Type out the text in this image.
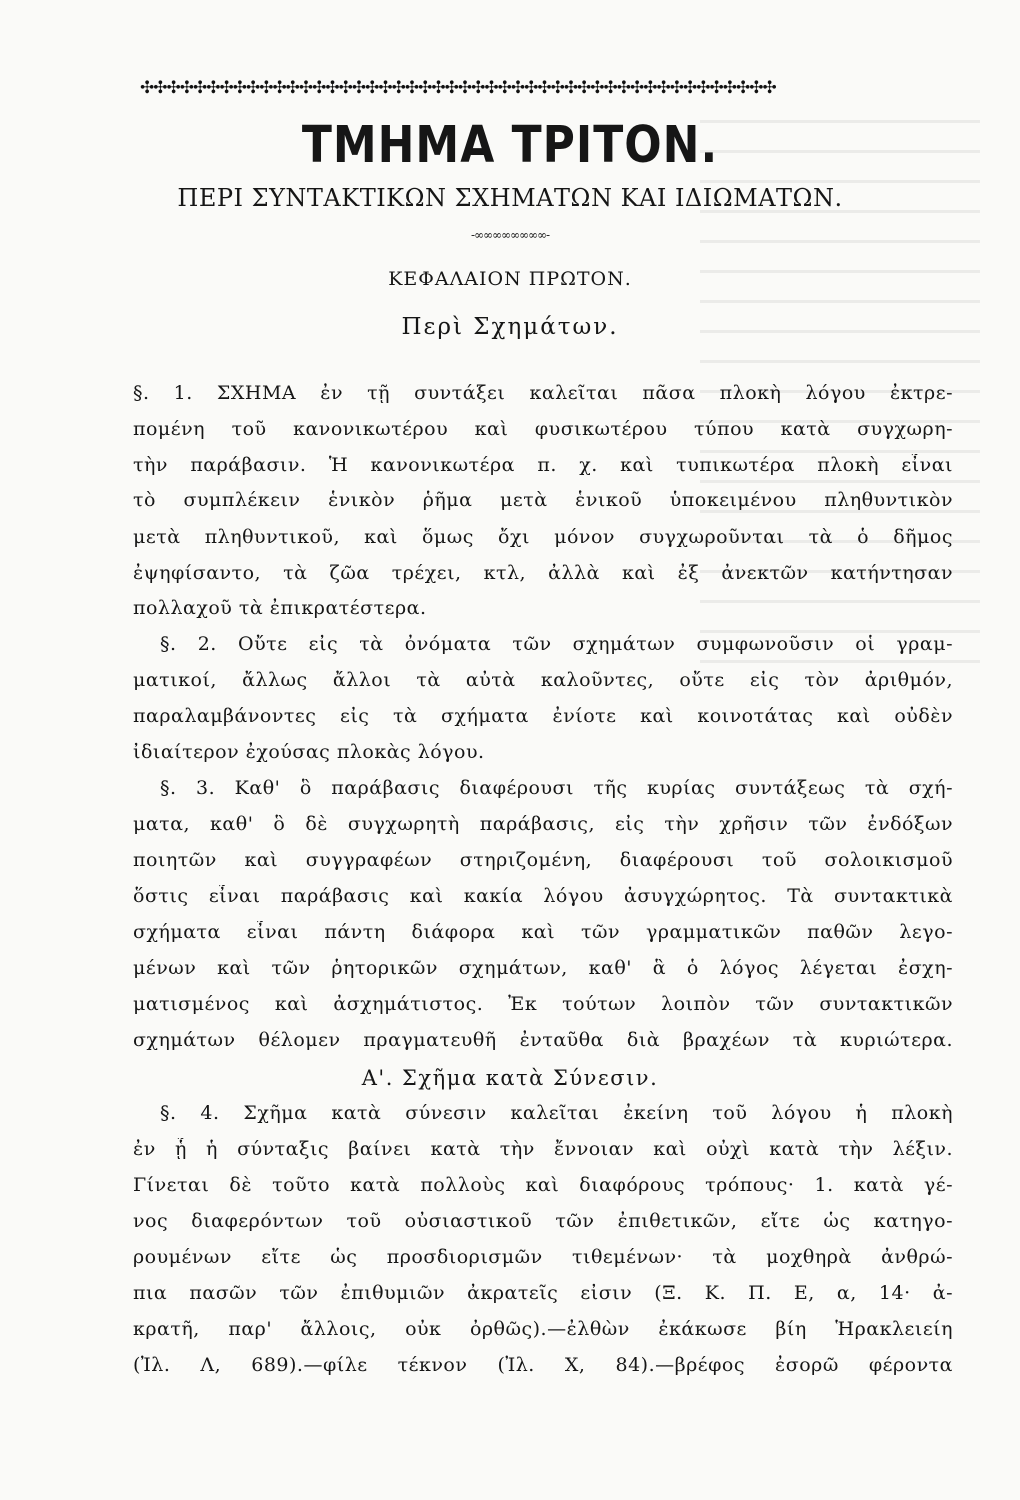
✣✣✣✣✣✣✣✣✣✣✣✣✣✣✣✣✣✣✣✣✣✣✣✣✣✣✣✣✣✣✣✣✣✣✣✣✣✣✣✣✣✣✣✣✣✣✣✣
ΤΜΗΜΑ ΤΡΙΤΟΝ.
ΠΕΡΙ ΣΥΝΤΑΚΤΙΚΩΝ ΣΧΗΜΑΤΩΝ ΚΑΙ ΙΔΙΩΜΑΤΩΝ.
-∞∞∞∞∞∞∞∞-
ΚΕΦΑΛΑΙΟΝ ΠΡΩΤΟΝ.
Περὶ Σχημάτων.
§. 1. ΣΧΗΜΑ ἐν τῇ συντάξει καλεῖται πᾶσα πλοκὴ λόγου ἐκτρε-
πομένη τοῦ κανονικωτέρου καὶ φυσικωτέρου τύπου κατὰ συγχωρη-
τὴν παράβασιν. Ἡ κανονικωτέρα π. χ. καὶ τυπικωτέρα πλοκὴ εἶναι
τὸ συμπλέκειν ἑνικὸν ῥῆμα μετὰ ἑνικοῦ ὑποκειμένου πληθυντικὸν
μετὰ πληθυντικοῦ, καὶ ὅμως ὄχι μόνον συγχωροῦνται τὰ ὁ δῆμος
ἐψηφίσαντο, τὰ ζῶα τρέχει, κτλ, ἀλλὰ καὶ ἐξ ἀνεκτῶν κατήντησαν
πολλαχοῦ τὰ ἐπικρατέστερα.
§. 2. Οὔτε εἰς τὰ ὀνόματα τῶν σχημάτων συμφωνοῦσιν οἱ γραμ-
ματικοί, ἄλλως ἄλλοι τὰ αὐτὰ καλοῦντες, οὔτε εἰς τὸν ἀριθμόν,
παραλαμβάνοντες εἰς τὰ σχήματα ἐνίοτε καὶ κοινοτάτας καὶ οὐδὲν
ἰδιαίτερον ἐχούσας πλοκὰς λόγου.
§. 3. Καθ' ὃ παράβασις διαφέρουσι τῆς κυρίας συντάξεως τὰ σχή-
ματα, καθ' ὃ δὲ συγχωρητὴ παράβασις, εἰς τὴν χρῆσιν τῶν ἐνδόξων
ποιητῶν καὶ συγγραφέων στηριζομένη, διαφέρουσι τοῦ σολοικισμοῦ
ὅστις εἶναι παράβασις καὶ κακία λόγου ἀσυγχώρητος. Τὰ συντακτικὰ
σχήματα εἶναι πάντη διάφορα καὶ τῶν γραμματικῶν παθῶν λεγο-
μένων καὶ τῶν ῥητορικῶν σχημάτων, καθ' ἃ ὁ λόγος λέγεται ἐσχη-
ματισμένος καὶ ἀσχημάτιστος. Ἐκ τούτων λοιπὸν τῶν συντακτικῶν
σχημάτων θέλομεν πραγματευθῆ ἐνταῦθα διὰ βραχέων τὰ κυριώτερα.
Α'. Σχῆμα κατὰ Σύνεσιν.
§. 4. Σχῆμα κατὰ σύνεσιν καλεῖται ἐκείνη τοῦ λόγου ἡ πλοκὴ
ἐν ᾗ ἡ σύνταξις βαίνει κατὰ τὴν ἔννοιαν καὶ οὐχὶ κατὰ τὴν λέξιν.
Γίνεται δὲ τοῦτο κατὰ πολλοὺς καὶ διαφόρους τρόπους· 1. κατὰ γέ-
νος διαφερόντων τοῦ οὐσιαστικοῦ τῶν ἐπιθετικῶν, εἴτε ὡς κατηγο-
ρουμένων εἴτε ὡς προσδιορισμῶν τιθεμένων· τὰ μοχθηρὰ ἀνθρώ-
πια πασῶν τῶν ἐπιθυμιῶν ἀκρατεῖς εἰσιν (Ξ. Κ. Π. Ε, α, 14· ἀ-
κρατῆ, παρ' ἄλλοις, οὐκ ὀρθῶς).—ἐλθὼν ἐκάκωσε βίη Ἡρακλειείη
(Ἰλ. Λ, 689).—φίλε τέκνον (Ἰλ. Χ, 84).—βρέφος ἐσορῶ φέροντα
